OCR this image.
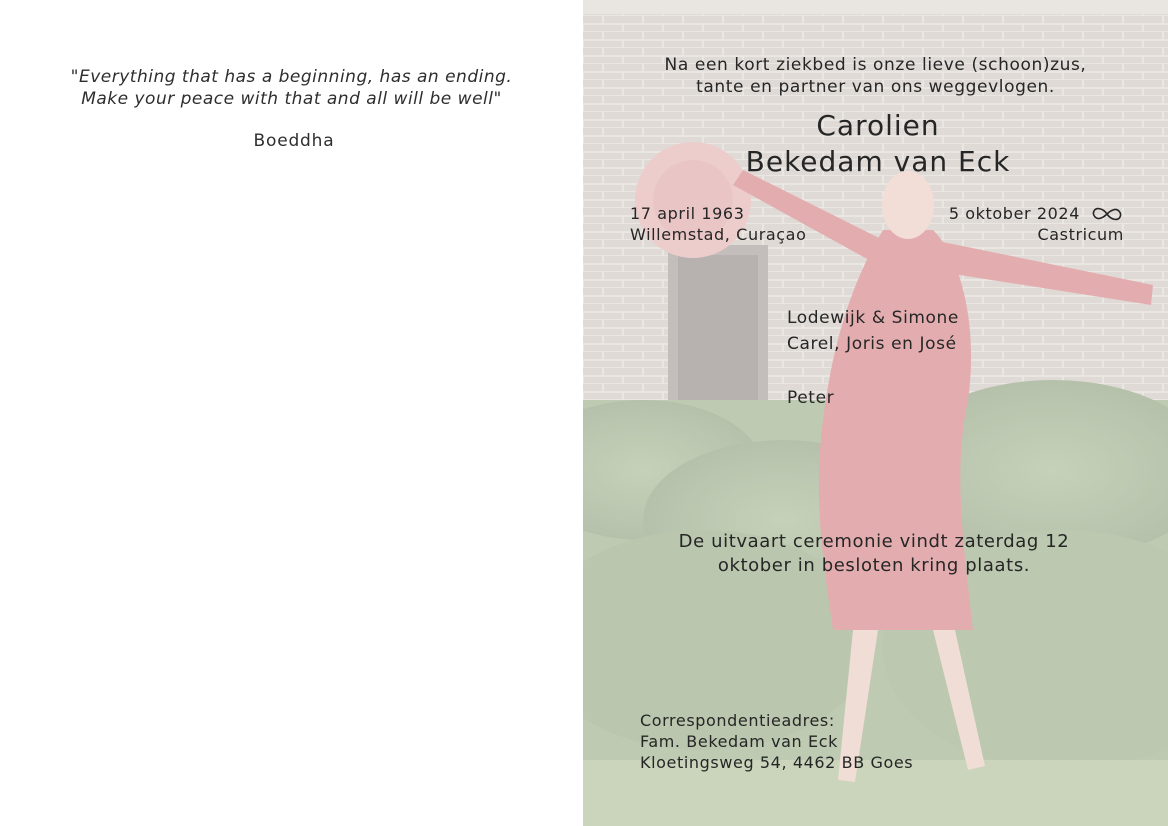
"Everything that has a beginning, has an ending.
Make your peace with that and all will be well"
Boeddha
Na een kort ziekbed is onze lieve (schoon)zus,
tante en partner van ons weggevlogen.
Carolien
Bekedam van Eck
17 april 1963
Willemstad, Curaçao
5 oktober 2024
Castricum
Lodewijk & Simone
Carel, Joris en José
Peter
De uitvaart ceremonie vindt zaterdag 12
oktober in besloten kring plaats.
Correspondentieadres:
Fam. Bekedam van Eck
Kloetingsweg 54, 4462 BB Goes
